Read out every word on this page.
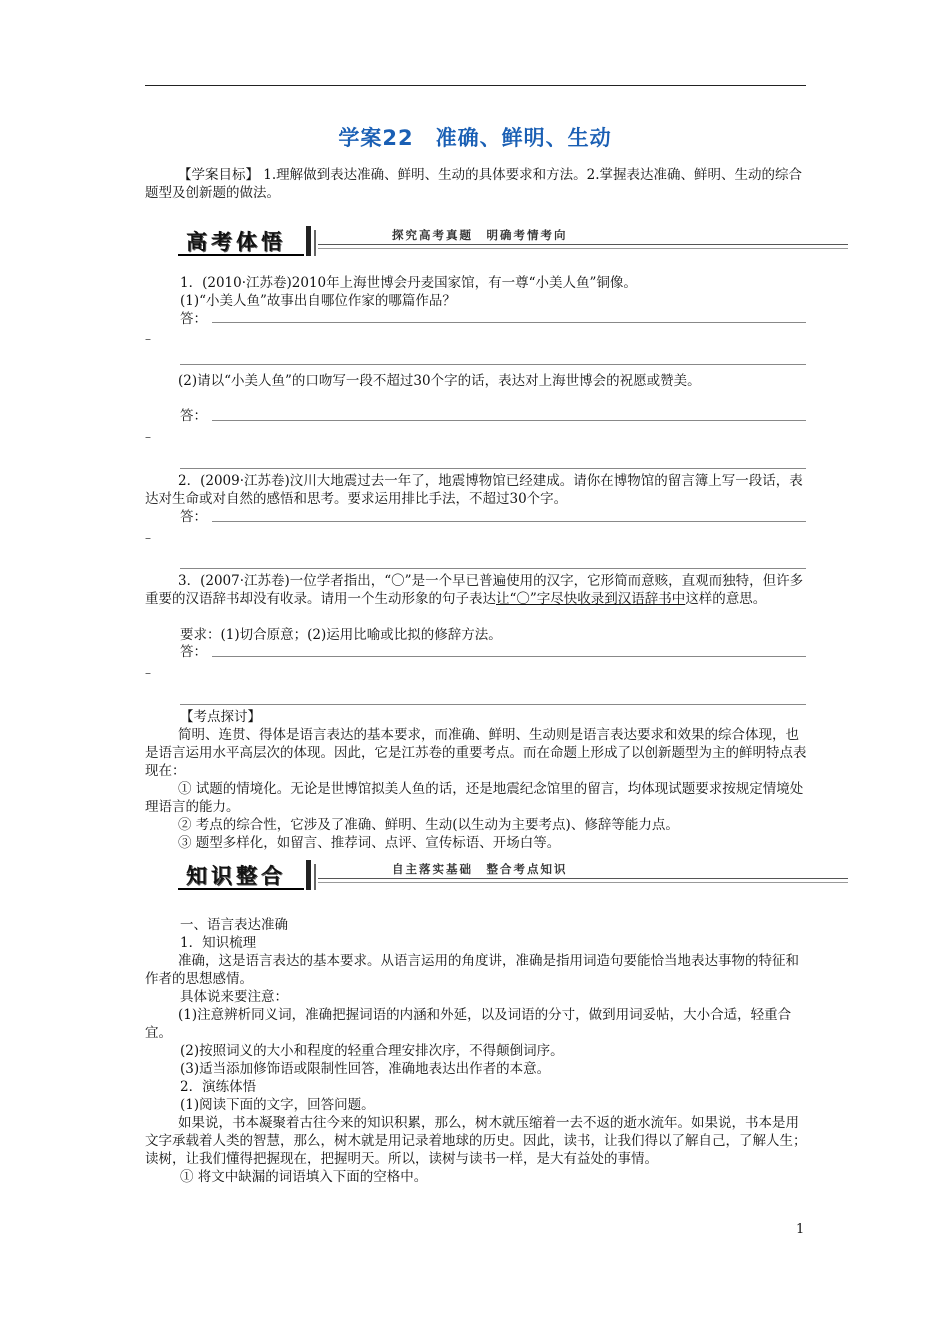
学案22　准确、鲜明、生动
【学案目标】 1.理解做到表达准确、鲜明、生动的具体要求和方法。2.掌握表达准确、鲜明、生动的综合题型及创新题的做法。
高考体悟	探究高考真题　明确考情考向
1．(2010·江苏卷)2010年上海世博会丹麦国家馆，有一尊“小美人鱼”铜像。
(1)“小美人鱼”故事出自哪位作家的哪篇作品？
答：
–
(2)请以“小美人鱼”的口吻写一段不超过30个字的话，表达对上海世博会的祝愿或赞美。
答：
–
2．(2009·江苏卷)汶川大地震过去一年了，地震博物馆已经建成。请你在博物馆的留言簿上写一段话，表达对生命或对自然的感悟和思考。要求运用排比手法，不超过30个字。
答：
–
3．(2007·江苏卷)一位学者指出，“〇”是一个早已普遍使用的汉字，它形简而意赅，直观而独特，但许多重要的汉语辞书却没有收录。请用一个生动形象的句子表达让“〇”字尽快收录到汉语辞书中这样的意思。
要求：(1)切合原意；(2)运用比喻或比拟的修辞方法。
答：
–
【考点探讨】
简明、连贯、得体是语言表达的基本要求，而准确、鲜明、生动则是语言表达要求和效果的综合体现，也是语言运用水平高层次的体现。因此，它是江苏卷的重要考点。而在命题上形成了以创新题型为主的鲜明特点表现在：
① 试题的情境化。无论是世博馆拟美人鱼的话，还是地震纪念馆里的留言，均体现试题要求按规定情境处理语言的能力。
② 考点的综合性，它涉及了准确、鲜明、生动(以生动为主要考点)、修辞等能力点。
③ 题型多样化，如留言、推荐词、点评、宣传标语、开场白等。
知识整合	自主落实基础　整合考点知识
一、语言表达准确
1．知识梳理
准确，这是语言表达的基本要求。从语言运用的角度讲，准确是指用词造句要能恰当地表达事物的特征和作者的思想感情。
具体说来要注意：
(1)注意辨析同义词，准确把握词语的内涵和外延，以及词语的分寸，做到用词妥帖，大小合适，轻重合宜。
(2)按照词义的大小和程度的轻重合理安排次序，不得颠倒词序。
(3)适当添加修饰语或限制性回答，准确地表达出作者的本意。
2．演练体悟
(1)阅读下面的文字，回答问题。
如果说，书本凝聚着古往今来的知识积累，那么，树木就压缩着一去不返的逝水流年。如果说，书本是用文字承载着人类的智慧，那么，树木就是用记录着地球的历史。因此，读书，让我们得以了解自己，了解人生；读树，让我们懂得把握现在，把握明天。所以，读树与读书一样，是大有益处的事情。
① 将文中缺漏的词语填入下面的空格中。
1
